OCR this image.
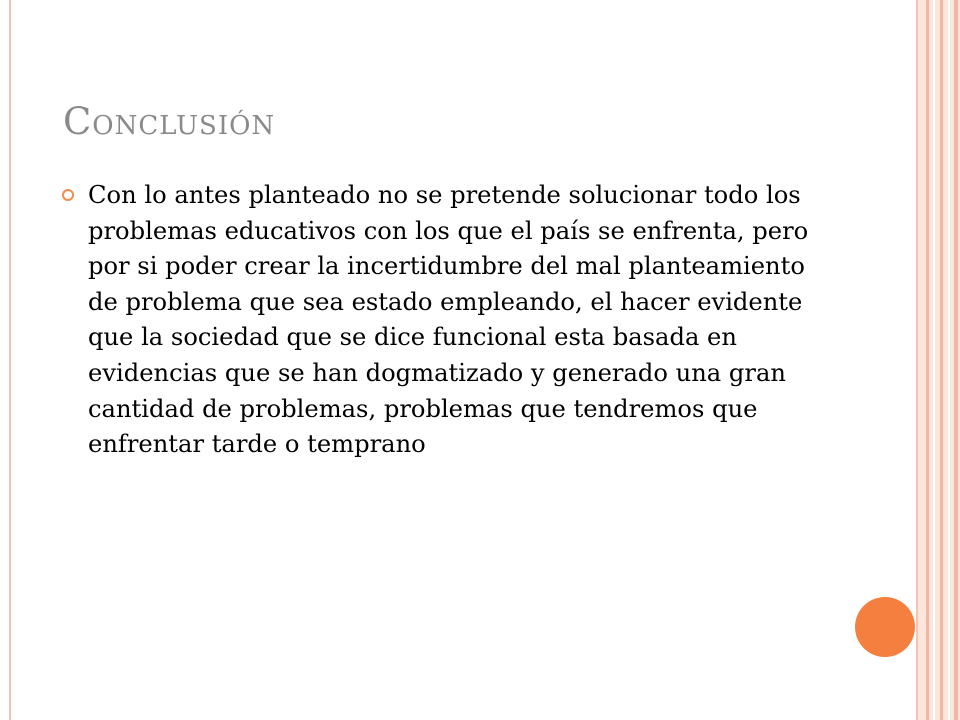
Conclusión

Con lo antes planteado no se pretende solucionar todo los problemas educativos con los que el país se enfrenta, pero por si poder crear la incertidumbre del mal planteamiento de problema que sea estado empleando, el hacer evidente que la sociedad que se dice funcional esta basada en evidencias que se han dogmatizado y generado una gran cantidad de problemas, problemas que tendremos que enfrentar tarde o temprano
